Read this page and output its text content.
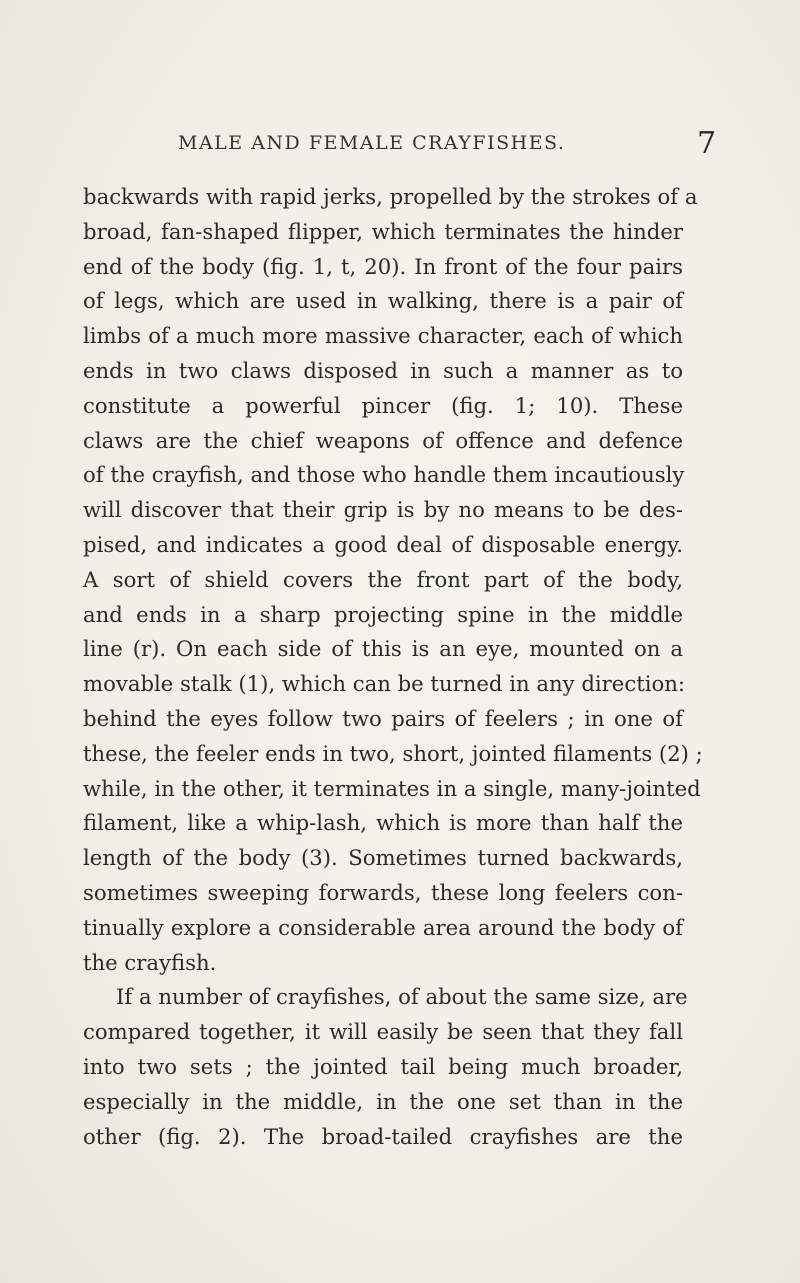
MALE AND FEMALE CRAYFISHES.	7
backwards with rapid jerks, propelled by the strokes of a
broad, fan-shaped flipper, which terminates the hinder
end of the body (fig. 1, t, 20). In front of the four pairs
of legs, which are used in walking, there is a pair of
limbs of a much more massive character, each of which
ends in two claws disposed in such a manner as to
constitute a powerful pincer (fig. 1; 10). These
claws are the chief weapons of offence and defence
of the crayfish, and those who handle them incautiously
will discover that their grip is by no means to be des-
pised, and indicates a good deal of disposable energy.
A sort of shield covers the front part of the body,
and ends in a sharp projecting spine in the middle
line (r). On each side of this is an eye, mounted on a
movable stalk (1), which can be turned in any direction:
behind the eyes follow two pairs of feelers ; in one of
these, the feeler ends in two, short, jointed filaments (2) ;
while, in the other, it terminates in a single, many-jointed
filament, like a whip-lash, which is more than half the
length of the body (3). Sometimes turned backwards,
sometimes sweeping forwards, these long feelers con-
tinually explore a considerable area around the body of
the crayfish.
If a number of crayfishes, of about the same size, are
compared together, it will easily be seen that they fall
into two sets ; the jointed tail being much broader,
especially in the middle, in the one set than in the
other (fig. 2). The broad-tailed crayfishes are the
